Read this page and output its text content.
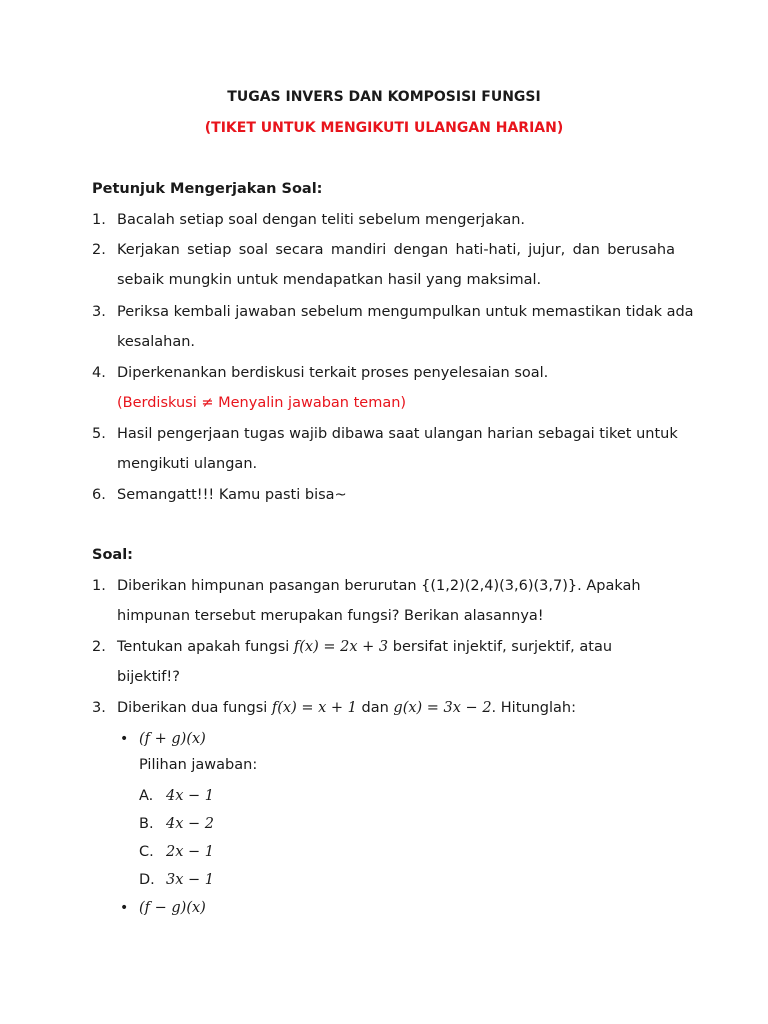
TUGAS INVERS DAN KOMPOSISI FUNGSI
(TIKET UNTUK MENGIKUTI ULANGAN HARIAN)
Petunjuk Mengerjakan Soal:
1. Bacalah setiap soal dengan teliti sebelum mengerjakan.
2. Kerjakan setiap soal secara mandiri dengan hati-hati, jujur, dan berusaha
sebaik mungkin untuk mendapatkan hasil yang maksimal.
3. Periksa kembali jawaban sebelum mengumpulkan untuk memastikan tidak ada
kesalahan.
4. Diperkenankan berdiskusi terkait proses penyelesaian soal.
(Berdiskusi ≠ Menyalin jawaban teman)
5. Hasil pengerjaan tugas wajib dibawa saat ulangan harian sebagai tiket untuk
mengikuti ulangan.
6. Semangatt!!! Kamu pasti bisa~
Soal:
1. Diberikan himpunan pasangan berurutan {(1,2)(2,4)(3,6)(3,7)}. Apakah
himpunan tersebut merupakan fungsi? Berikan alasannya!
2. Tentukan apakah fungsi f(x) = 2x + 3 bersifat injektif, surjektif, atau
bijektif!?
3. Diberikan dua fungsi f(x) = x + 1 dan g(x) = 3x − 2. Hitunglah:
• (f + g)(x)
Pilihan jawaban:
A. 4x − 1
B. 4x − 2
C. 2x − 1
D. 3x − 1
• (f − g)(x)
